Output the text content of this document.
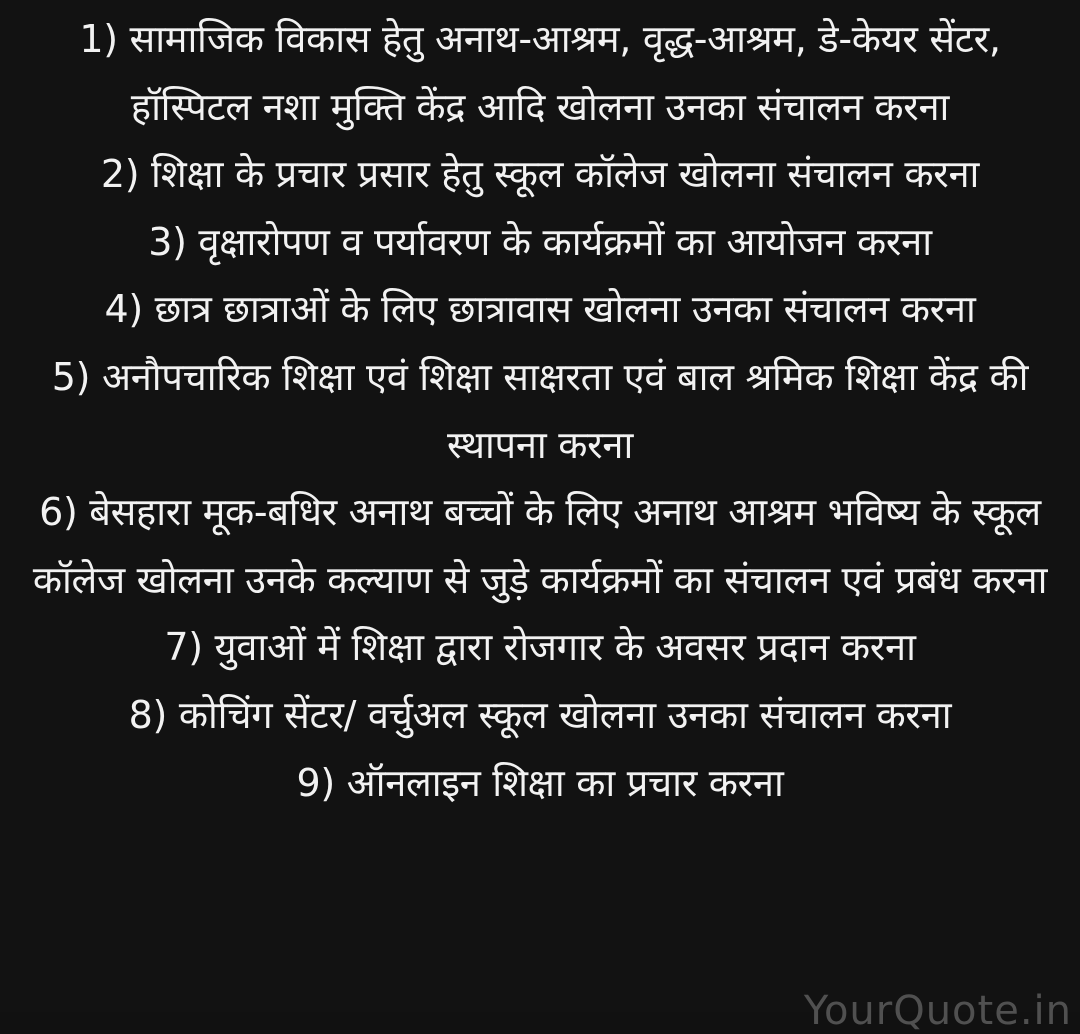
1) सामाजिक विकास हेतु अनाथ-आश्रम, वृद्ध-आश्रम, डे-केयर सेंटर, हॉस्पिटल नशा मुक्ति केंद्र आदि खोलना उनका संचालन करना

2) शिक्षा के प्रचार प्रसार हेतु स्कूल कॉलेज खोलना संचालन करना

3) वृक्षारोपण व पर्यावरण के कार्यक्रमों का आयोजन करना

4) छात्र छात्राओं के लिए छात्रावास खोलना उनका संचालन करना

5) अनौपचारिक शिक्षा एवं शिक्षा साक्षरता एवं बाल श्रमिक शिक्षा केंद्र की स्थापना करना

6) बेसहारा मूक-बधिर अनाथ बच्चों के लिए अनाथ आश्रम भविष्य के स्कूल कॉलेज खोलना उनके कल्याण से जुड़े कार्यक्रमों का संचालन एवं प्रबंध करना

7) युवाओं में शिक्षा द्वारा रोजगार के अवसर प्रदान करना

8) कोचिंग सेंटर/ वर्चुअल स्कूल खोलना उनका संचालन करना

9) ऑनलाइन शिक्षा का प्रचार करना

YourQuote.in
